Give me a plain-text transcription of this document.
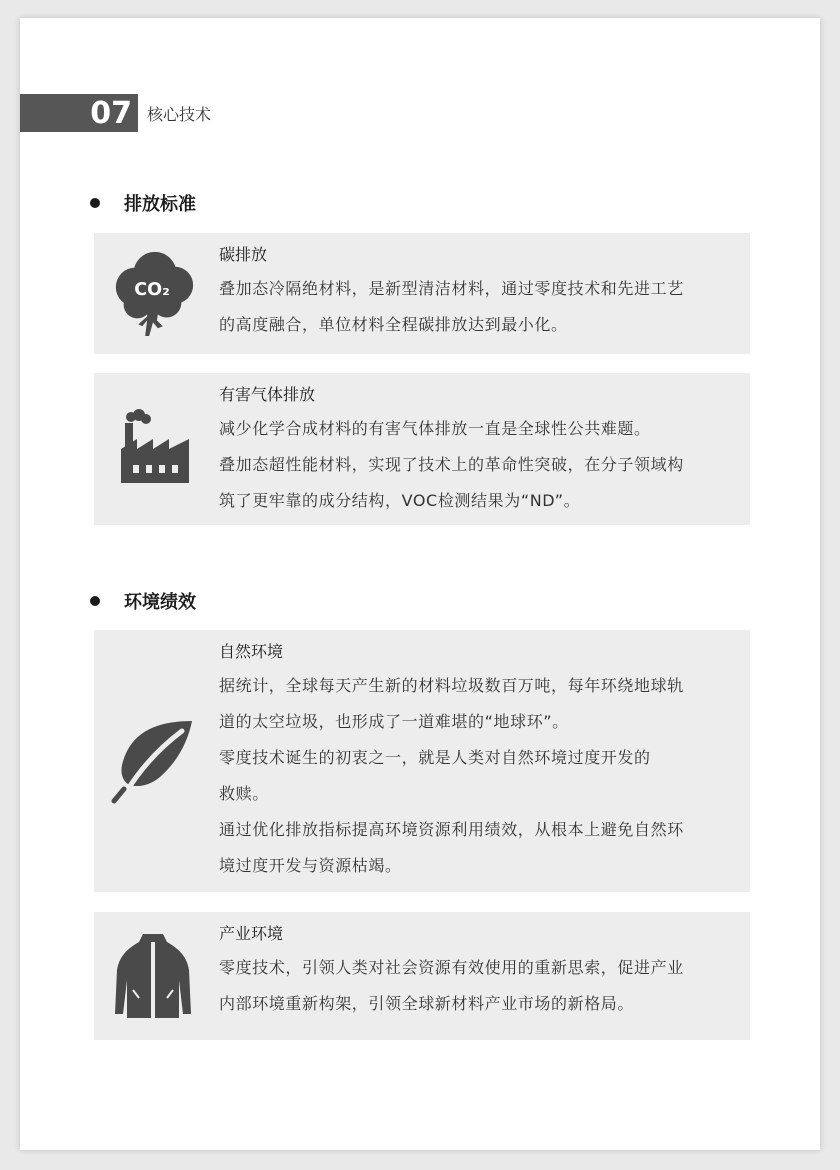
07 核心技术
排放标准
CO₂
碳排放

叠加态冷隔绝材料，是新型清洁材料，通过零度技术和先进工艺

的高度融合，单位材料全程碳排放达到最小化。

有害气体排放

减少化学合成材料的有害气体排放一直是全球性公共难题。

叠加态超性能材料，实现了技术上的革命性突破，在分子领域构

筑了更牢靠的成分结构，VOC检测结果为“ND”。

环境绩效
自然环境

据统计，全球每天产生新的材料垃圾数百万吨，每年环绕地球轨

道的太空垃圾，也形成了一道难堪的“地球环”。

零度技术诞生的初衷之一，就是人类对自然环境过度开发的

救赎。

通过优化排放指标提高环境资源利用绩效，从根本上避免自然环

境过度开发与资源枯竭。

产业环境

零度技术，引领人类对社会资源有效使用的重新思索，促进产业

内部环境重新构架，引领全球新材料产业市场的新格局。
